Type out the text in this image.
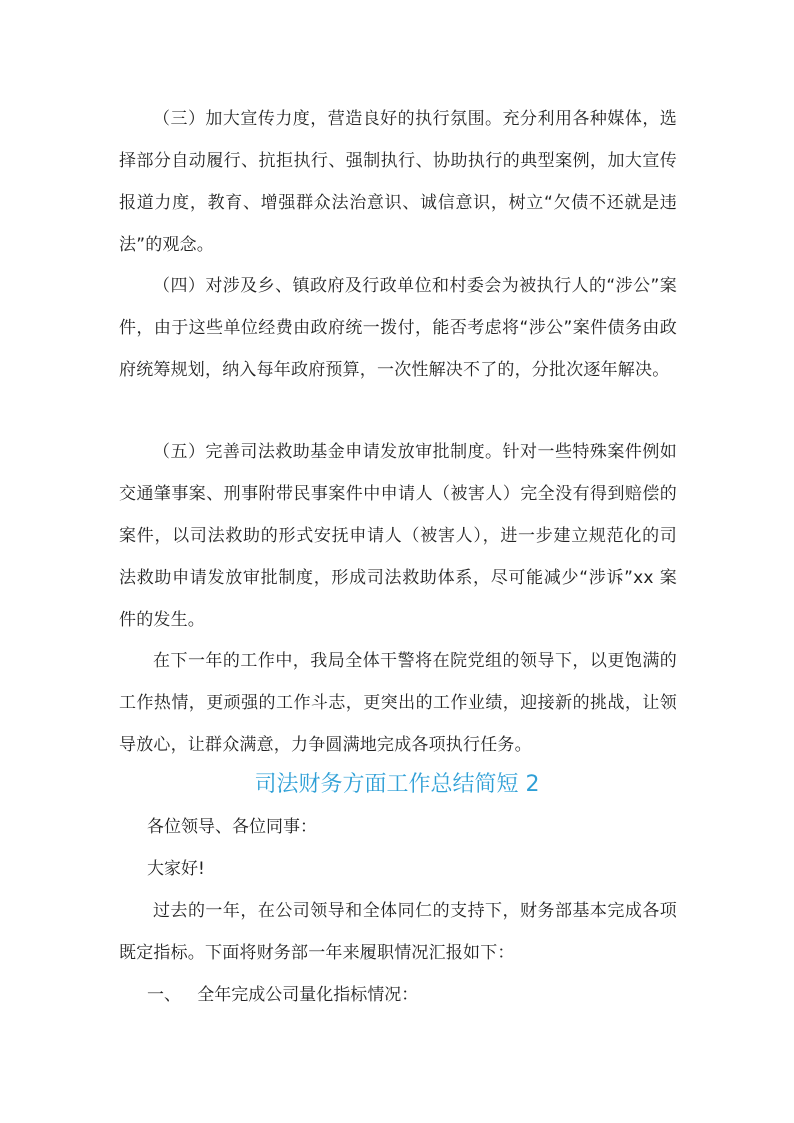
（三）加大宣传力度，营造良好的执行氛围。充分利用各种媒体，选择部分自动履行、抗拒执行、强制执行、协助执行的典型案例，加大宣传报道力度，教育、增强群众法治意识、诚信意识，树立“欠债不还就是违法”的观念。

（四）对涉及乡、镇政府及行政单位和村委会为被执行人的“涉公”案件，由于这些单位经费由政府统一拨付，能否考虑将“涉公”案件债务由政府统筹规划，纳入每年政府预算，一次性解决不了的，分批次逐年解决。

（五）完善司法救助基金申请发放审批制度。针对一些特殊案件例如交通肇事案、刑事附带民事案件中申请人（被害人）完全没有得到赔偿的案件，以司法救助的形式安抚申请人（被害人），进一步建立规范化的司法救助申请发放审批制度，形成司法救助体系，尽可能减少“涉诉”xx 案件的发生。

在下一年的工作中，我局全体干警将在院党组的领导下，以更饱满的工作热情，更顽强的工作斗志，更突出的工作业绩，迎接新的挑战，让领导放心，让群众满意，力争圆满地完成各项执行任务。

司法财务方面工作总结简短 2

各位领导、各位同事：

大家好!

过去的一年，在公司领导和全体同仁的支持下，财务部基本完成各项既定指标。下面将财务部一年来履职情况汇报如下：

一、   全年完成公司量化指标情况：
